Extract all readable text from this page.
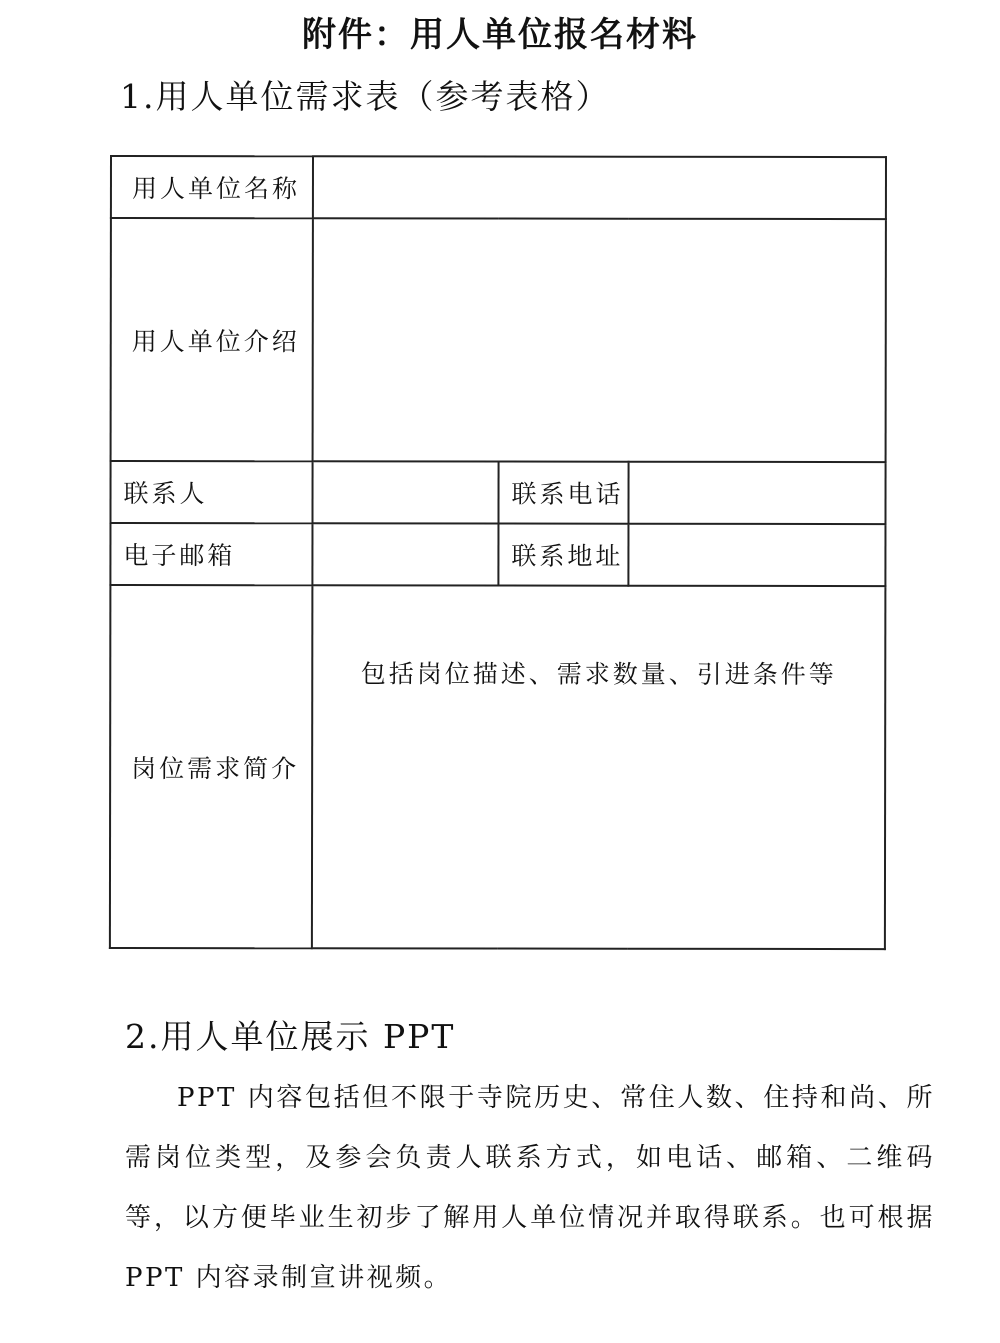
附件：用人单位报名材料
1.用人单位需求表（参考表格）
用人单位名称			
用人单位介绍			
联系人		联系电话	
电子邮箱		联系地址	
岗位需求简介	包括岗位描述、需求数量、引进条件等		
2.用人单位展示 PPT
PPT 内容包括但不限于寺院历史、常住人数、住持和尚、所需岗位类型，及参会负责人联系方式，如电话、邮箱、二维码等，以方便毕业生初步了解用人单位情况并取得联系。也可根据 PPT 内容录制宣讲视频。
